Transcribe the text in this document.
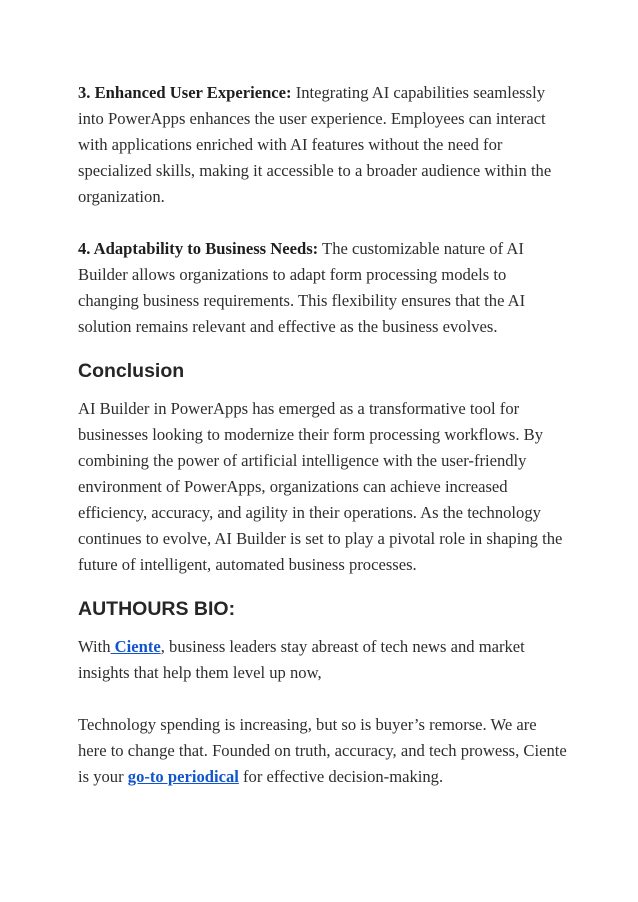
3. Enhanced User Experience: Integrating AI capabilities seamlessly into PowerApps enhances the user experience. Employees can interact with applications enriched with AI features without the need for specialized skills, making it accessible to a broader audience within the organization.

4. Adaptability to Business Needs: The customizable nature of AI Builder allows organizations to adapt form processing models to changing business requirements. This flexibility ensures that the AI solution remains relevant and effective as the business evolves.

Conclusion

AI Builder in PowerApps has emerged as a transformative tool for businesses looking to modernize their form processing workflows. By combining the power of artificial intelligence with the user-friendly environment of PowerApps, organizations can achieve increased efficiency, accuracy, and agility in their operations. As the technology continues to evolve, AI Builder is set to play a pivotal role in shaping the future of intelligent, automated business processes.

AUTHOURS BIO:

With Ciente, business leaders stay abreast of tech news and market insights that help them level up now,

Technology spending is increasing, but so is buyer’s remorse. We are here to change that. Founded on truth, accuracy, and tech prowess, Ciente is your go-to periodical for effective decision-making.
